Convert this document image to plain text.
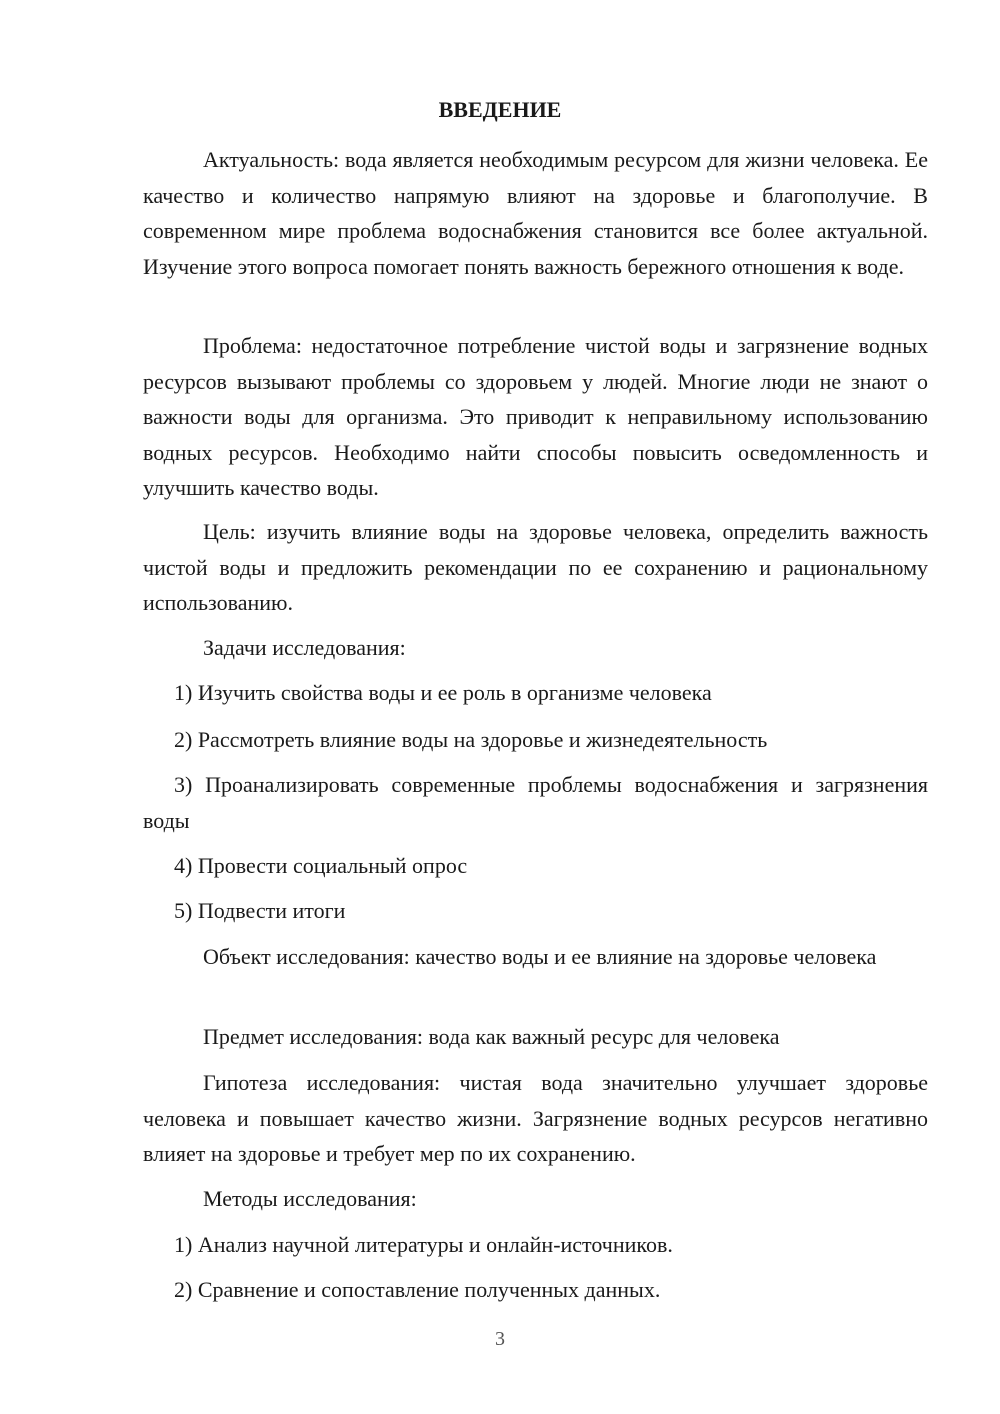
ВВЕДЕНИЕ

Актуальность: вода является необходимым ресурсом для жизни человека. Ее качество и количество напрямую влияют на здоровье и благополучие. В современном мире проблема водоснабжения становится все более актуальной. Изучение этого вопроса помогает понять важность бережного отношения к воде.

Проблема: недостаточное потребление чистой воды и загрязнение водных ресурсов вызывают проблемы со здоровьем у людей. Многие люди не знают о важности воды для организма. Это приводит к неправильному использованию водных ресурсов. Необходимо найти способы повысить осведомленность и улучшить качество воды.

Цель: изучить влияние воды на здоровье человека, определить важность чистой воды и предложить рекомендации по ее сохранению и рациональному использованию.

Задачи исследования:

1) Изучить свойства воды и ее роль в организме человека

2) Рассмотреть влияние воды на здоровье и жизнедеятельность

3) Проанализировать современные проблемы водоснабжения и загрязнения воды

4) Провести социальный опрос

5) Подвести итоги

Объект исследования: качество воды и ее влияние на здоровье человека

Предмет исследования: вода как важный ресурс для человека

Гипотеза исследования: чистая вода значительно улучшает здоровье человека и повышает качество жизни. Загрязнение водных ресурсов негативно влияет на здоровье и требует мер по их сохранению.

Методы исследования:

1) Анализ научной литературы и онлайн-источников.

2) Сравнение и сопоставление полученных данных.

3
